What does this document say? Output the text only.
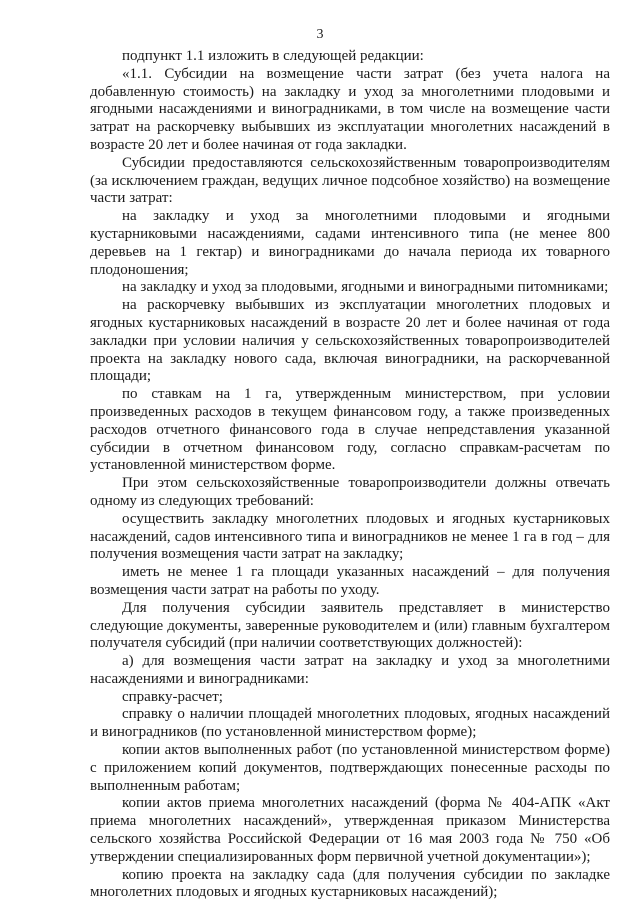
3

подпункт 1.1 изложить в следующей редакции:

«1.1. Субсидии на возмещение части затрат (без учета налога на добавленную стоимость) на закладку и уход за многолетними плодовыми и ягодными насаждениями и виноградниками, в том числе на возмещение части затрат на раскорчевку выбывших из эксплуатации многолетних насаждений в возрасте 20 лет и более начиная от года закладки.

Субсидии предоставляются сельскохозяйственным товаропроизводителям (за исключением граждан, ведущих личное подсобное хозяйство) на возмещение части затрат:

на закладку и уход за многолетними плодовыми и ягодными кустарниковыми насаждениями, садами интенсивного типа (не менее 800 деревьев на 1 гектар) и виноградниками до начала периода их товарного плодоношения;

на закладку и уход за плодовыми, ягодными и виноградными питомниками;

на раскорчевку выбывших из эксплуатации многолетних плодовых и ягодных кустарниковых насаждений в возрасте 20 лет и более начиная от года закладки при условии наличия у сельскохозяйственных товаропроизводителей проекта на закладку нового сада, включая виноградники, на раскорчеванной площади;

по ставкам на 1 га, утвержденным министерством, при условии произведенных расходов в текущем финансовом году, а также произведенных расходов отчетного финансового года в случае непредставления указанной субсидии в отчетном финансовом году, согласно справкам-расчетам по установленной министерством форме.

При этом сельскохозяйственные товаропроизводители должны отвечать одному из следующих требований:

осуществить закладку многолетних плодовых и ягодных кустарниковых насаждений, садов интенсивного типа и виноградников не менее 1 га в год – для получения возмещения части затрат на закладку;

иметь не менее 1 га площади указанных насаждений – для получения возмещения части затрат на работы по уходу.

Для получения субсидии заявитель представляет в министерство следующие документы, заверенные руководителем и (или) главным бухгалтером получателя субсидий (при наличии соответствующих должностей):

а) для возмещения части затрат на закладку и уход за многолетними насаждениями и виноградниками:

справку-расчет;

справку о наличии площадей многолетних плодовых, ягодных насаждений и виноградников (по установленной министерством форме);

копии актов выполненных работ (по установленной министерством форме) с приложением копий документов, подтверждающих понесенные расходы по выполненным работам;

копии актов приема многолетних насаждений (форма № 404-АПК «Акт приема многолетних насаждений», утвержденная приказом Министерства сельского хозяйства Российской Федерации от 16 мая 2003 года № 750 «Об утверждении специализированных форм первичной учетной документации»);

копию проекта на закладку сада (для получения субсидии по закладке многолетних плодовых и ягодных кустарниковых насаждений);
